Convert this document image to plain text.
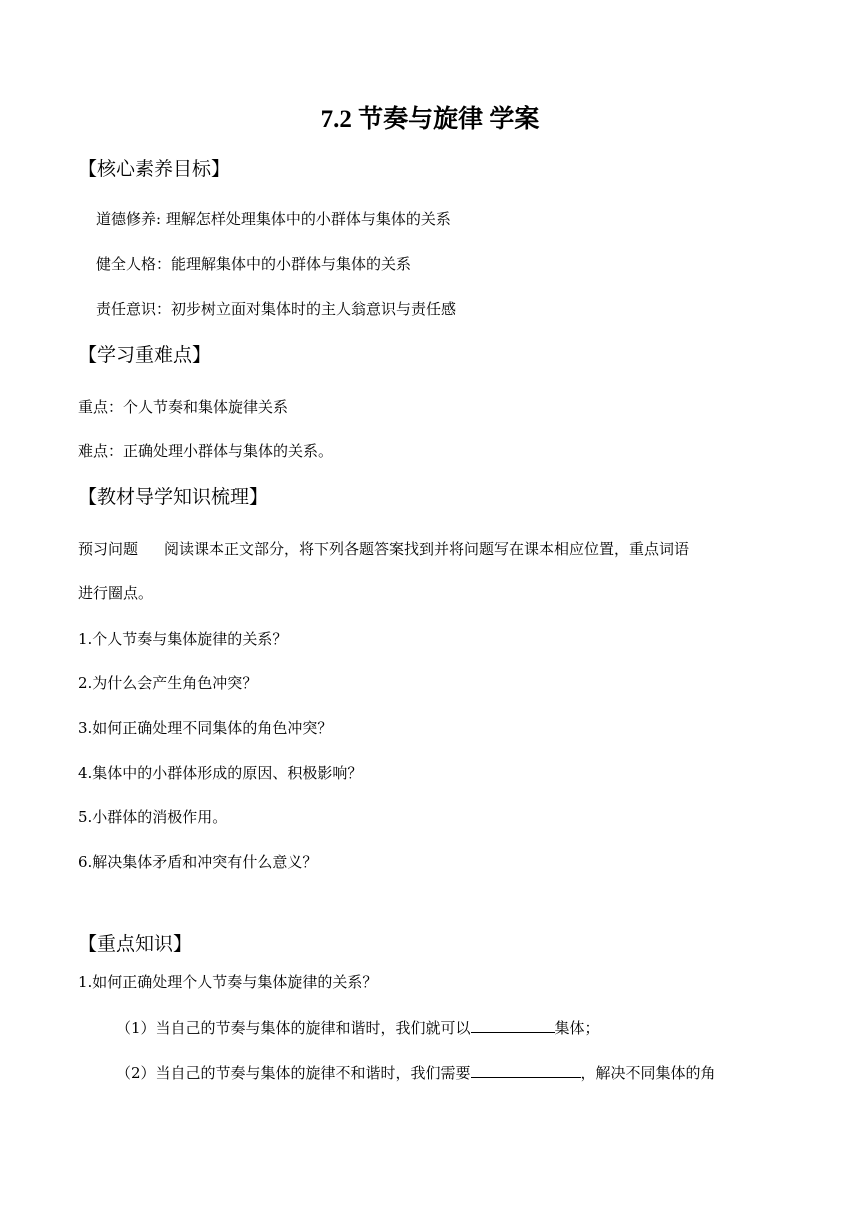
7.2 节奏与旋律 学案
【核心素养目标】
道德修养: 理解怎样处理集体中的小群体与集体的关系
健全人格：能理解集体中的小群体与集体的关系
责任意识：初步树立面对集体时的主人翁意识与责任感
【学习重难点】
重点：个人节奏和集体旋律关系
难点：正确处理小群体与集体的关系。
【教材导学知识梳理】
预习问题 阅读课本正文部分，将下列各题答案找到并将问题写在课本相应位置，重点词语
进行圈点。
1.个人节奏与集体旋律的关系？
2.为什么会产生角色冲突？
3.如何正确处理不同集体的角色冲突？
4.集体中的小群体形成的原因、积极影响？
5.小群体的消极作用。
6.解决集体矛盾和冲突有什么意义？
【重点知识】
1.如何正确处理个人节奏与集体旋律的关系？
（1）当自己的节奏与集体的旋律和谐时，我们就可以	集体；
（2）当自己的节奏与集体的旋律不和谐时，我们需要	，解决不同集体的角
